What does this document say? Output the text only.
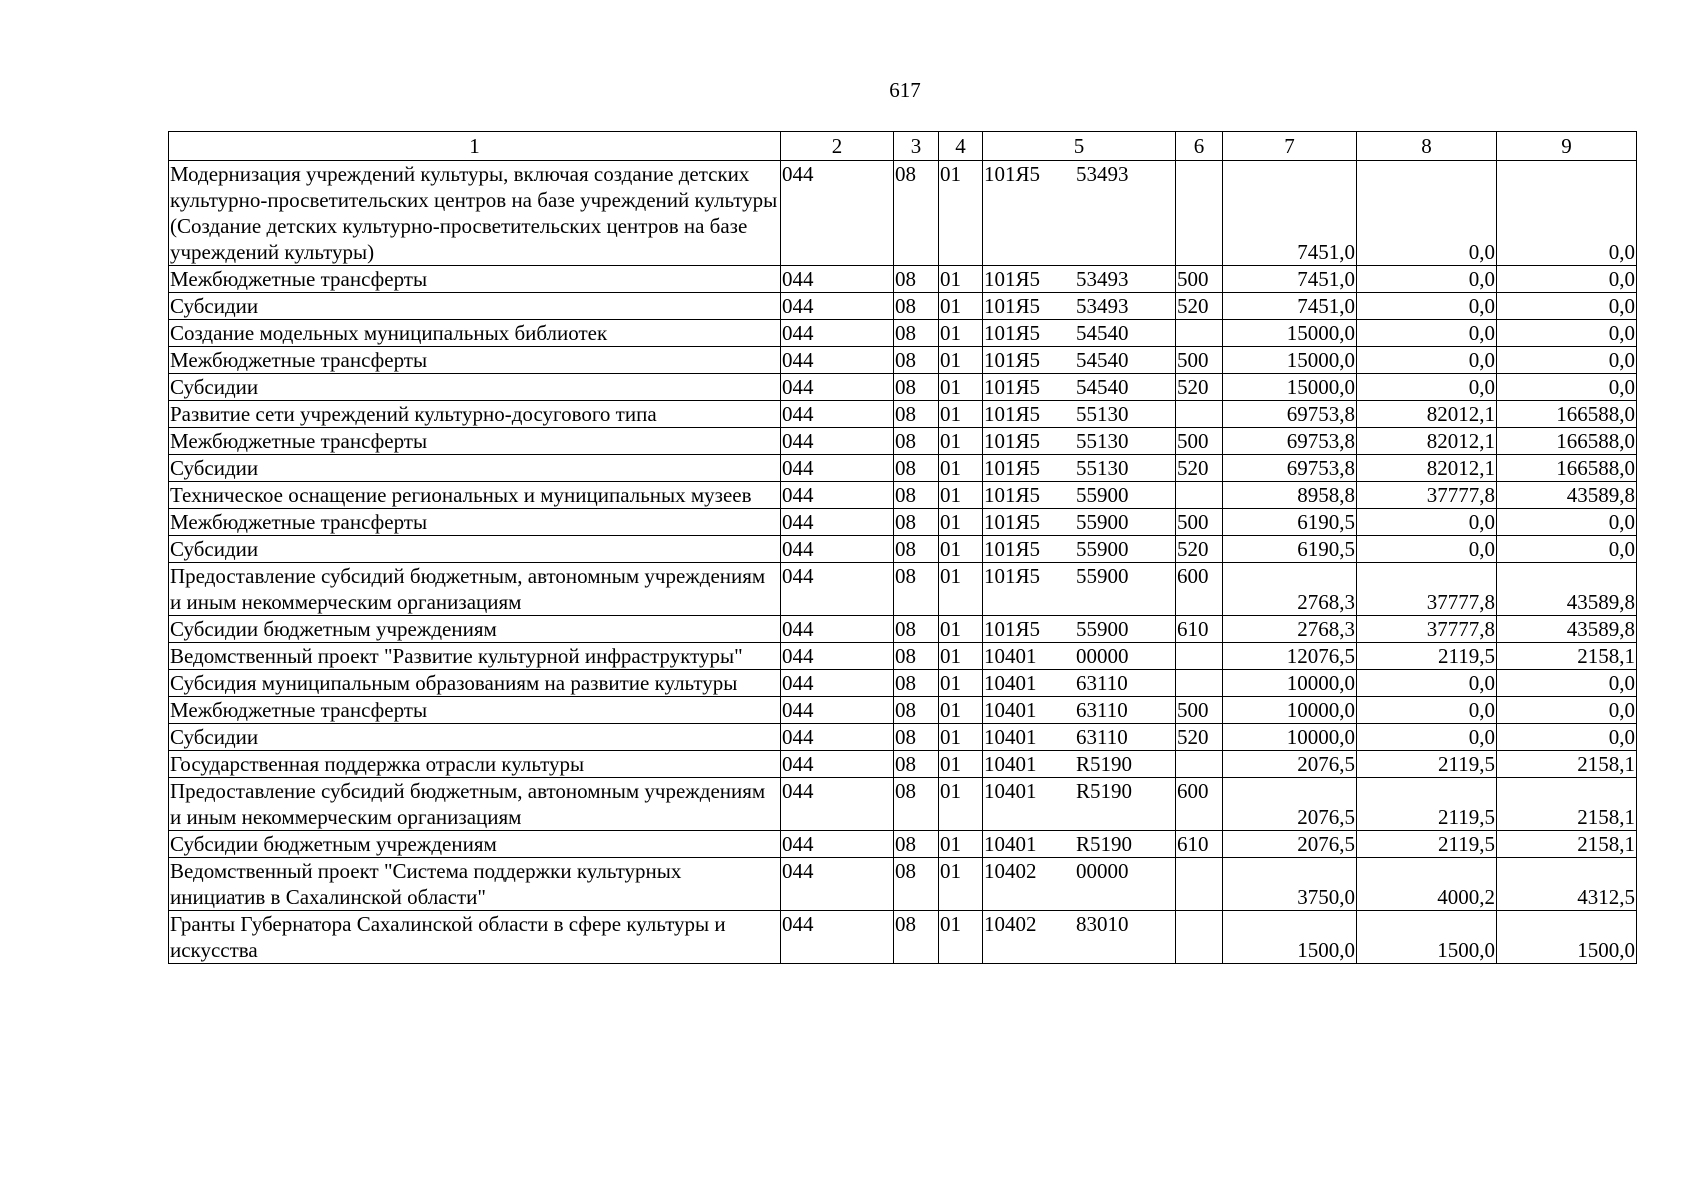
617
1	2	3	4	5	6	7	8	9
Модернизация учреждений культуры, включая создание детских культурно-просветительских центров на базе учреждений культуры (Создание детских культурно-просветительских центров на базе учреждений культуры)	044	08	01	101Я5 53493		7451,0	0,0	0,0
Межбюджетные трансферты	044	08	01	101Я5 53493	500	7451,0	0,0	0,0
Субсидии	044	08	01	101Я5 53493	520	7451,0	0,0	0,0
Создание модельных муниципальных библиотек	044	08	01	101Я5 54540		15000,0	0,0	0,0
Межбюджетные трансферты	044	08	01	101Я5 54540	500	15000,0	0,0	0,0
Субсидии	044	08	01	101Я5 54540	520	15000,0	0,0	0,0
Развитие сети учреждений культурно-досугового типа	044	08	01	101Я5 55130		69753,8	82012,1	166588,0
Межбюджетные трансферты	044	08	01	101Я5 55130	500	69753,8	82012,1	166588,0
Субсидии	044	08	01	101Я5 55130	520	69753,8	82012,1	166588,0
Техническое оснащение региональных и муниципальных музеев	044	08	01	101Я5 55900		8958,8	37777,8	43589,8
Межбюджетные трансферты	044	08	01	101Я5 55900	500	6190,5	0,0	0,0
Субсидии	044	08	01	101Я5 55900	520	6190,5	0,0	0,0
Предоставление субсидий бюджетным, автономным учреждениям и иным некоммерческим организациям	044	08	01	101Я5 55900	600	2768,3	37777,8	43589,8
Субсидии бюджетным учреждениям	044	08	01	101Я5 55900	610	2768,3	37777,8	43589,8
Ведомственный проект "Развитие культурной инфраструктуры"	044	08	01	10401 00000		12076,5	2119,5	2158,1
Субсидия муниципальным образованиям на развитие культуры	044	08	01	10401 63110		10000,0	0,0	0,0
Межбюджетные трансферты	044	08	01	10401 63110	500	10000,0	0,0	0,0
Субсидии	044	08	01	10401 63110	520	10000,0	0,0	0,0
Государственная поддержка отрасли культуры	044	08	01	10401 R5190		2076,5	2119,5	2158,1
Предоставление субсидий бюджетным, автономным учреждениям и иным некоммерческим организациям	044	08	01	10401 R5190	600	2076,5	2119,5	2158,1
Субсидии бюджетным учреждениям	044	08	01	10401 R5190	610	2076,5	2119,5	2158,1
Ведомственный проект "Система поддержки культурных инициатив в Сахалинской области"	044	08	01	10402 00000		3750,0	4000,2	4312,5
Гранты Губернатора Сахалинской области в сфере культуры и искусства	044	08	01	10402 83010		1500,0	1500,0	1500,0
